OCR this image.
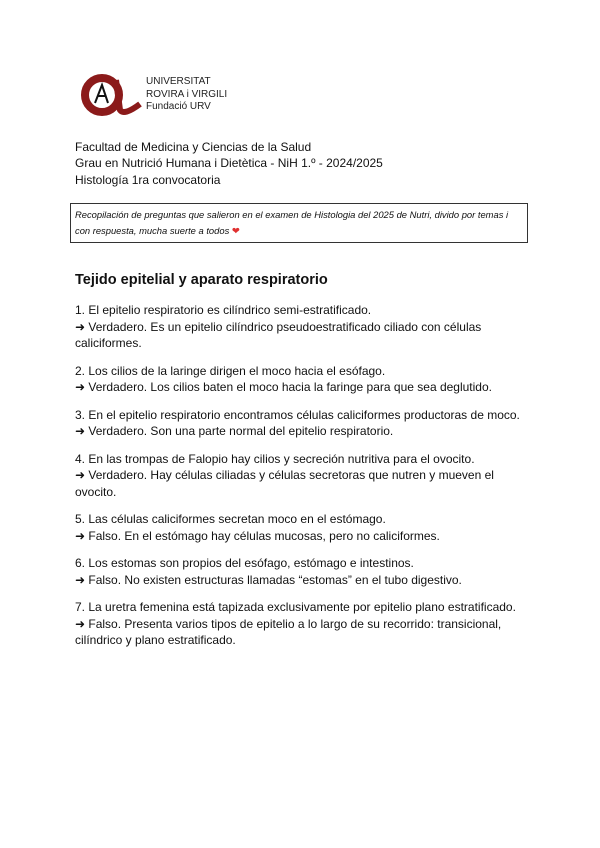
UNIVERSITAT
ROVIRA i VIRGILI
Fundació URV
Facultad de Medicina y Ciencias de la Salud
Grau en Nutrició Humana i Dietètica - NiH 1.º - 2024/2025
Histología 1ra convocatoria
Recopilación de preguntas que salieron en el examen de Histologia del 2025 de Nutri, divido por temas i con respuesta, mucha suerte a todos ❤
Tejido epitelial y aparato respiratorio
1. El epitelio respiratorio es cilíndrico semi-estratificado.
➜ Verdadero. Es un epitelio cilíndrico pseudoestratificado ciliado con células caliciformes.
2. Los cilios de la laringe dirigen el moco hacia el esófago.
➜ Verdadero. Los cilios baten el moco hacia la faringe para que sea deglutido.
3. En el epitelio respiratorio encontramos células caliciformes productoras de moco.
➜ Verdadero. Son una parte normal del epitelio respiratorio.
4. En las trompas de Falopio hay cilios y secreción nutritiva para el ovocito.
➜ Verdadero. Hay células ciliadas y células secretoras que nutren y mueven el ovocito.
5. Las células caliciformes secretan moco en el estómago.
➜ Falso. En el estómago hay células mucosas, pero no caliciformes.
6. Los estomas son propios del esófago, estómago e intestinos.
➜ Falso. No existen estructuras llamadas “estomas” en el tubo digestivo.
7. La uretra femenina está tapizada exclusivamente por epitelio plano estratificado.
➜ Falso. Presenta varios tipos de epitelio a lo largo de su recorrido: transicional, cilíndrico y plano estratificado.
